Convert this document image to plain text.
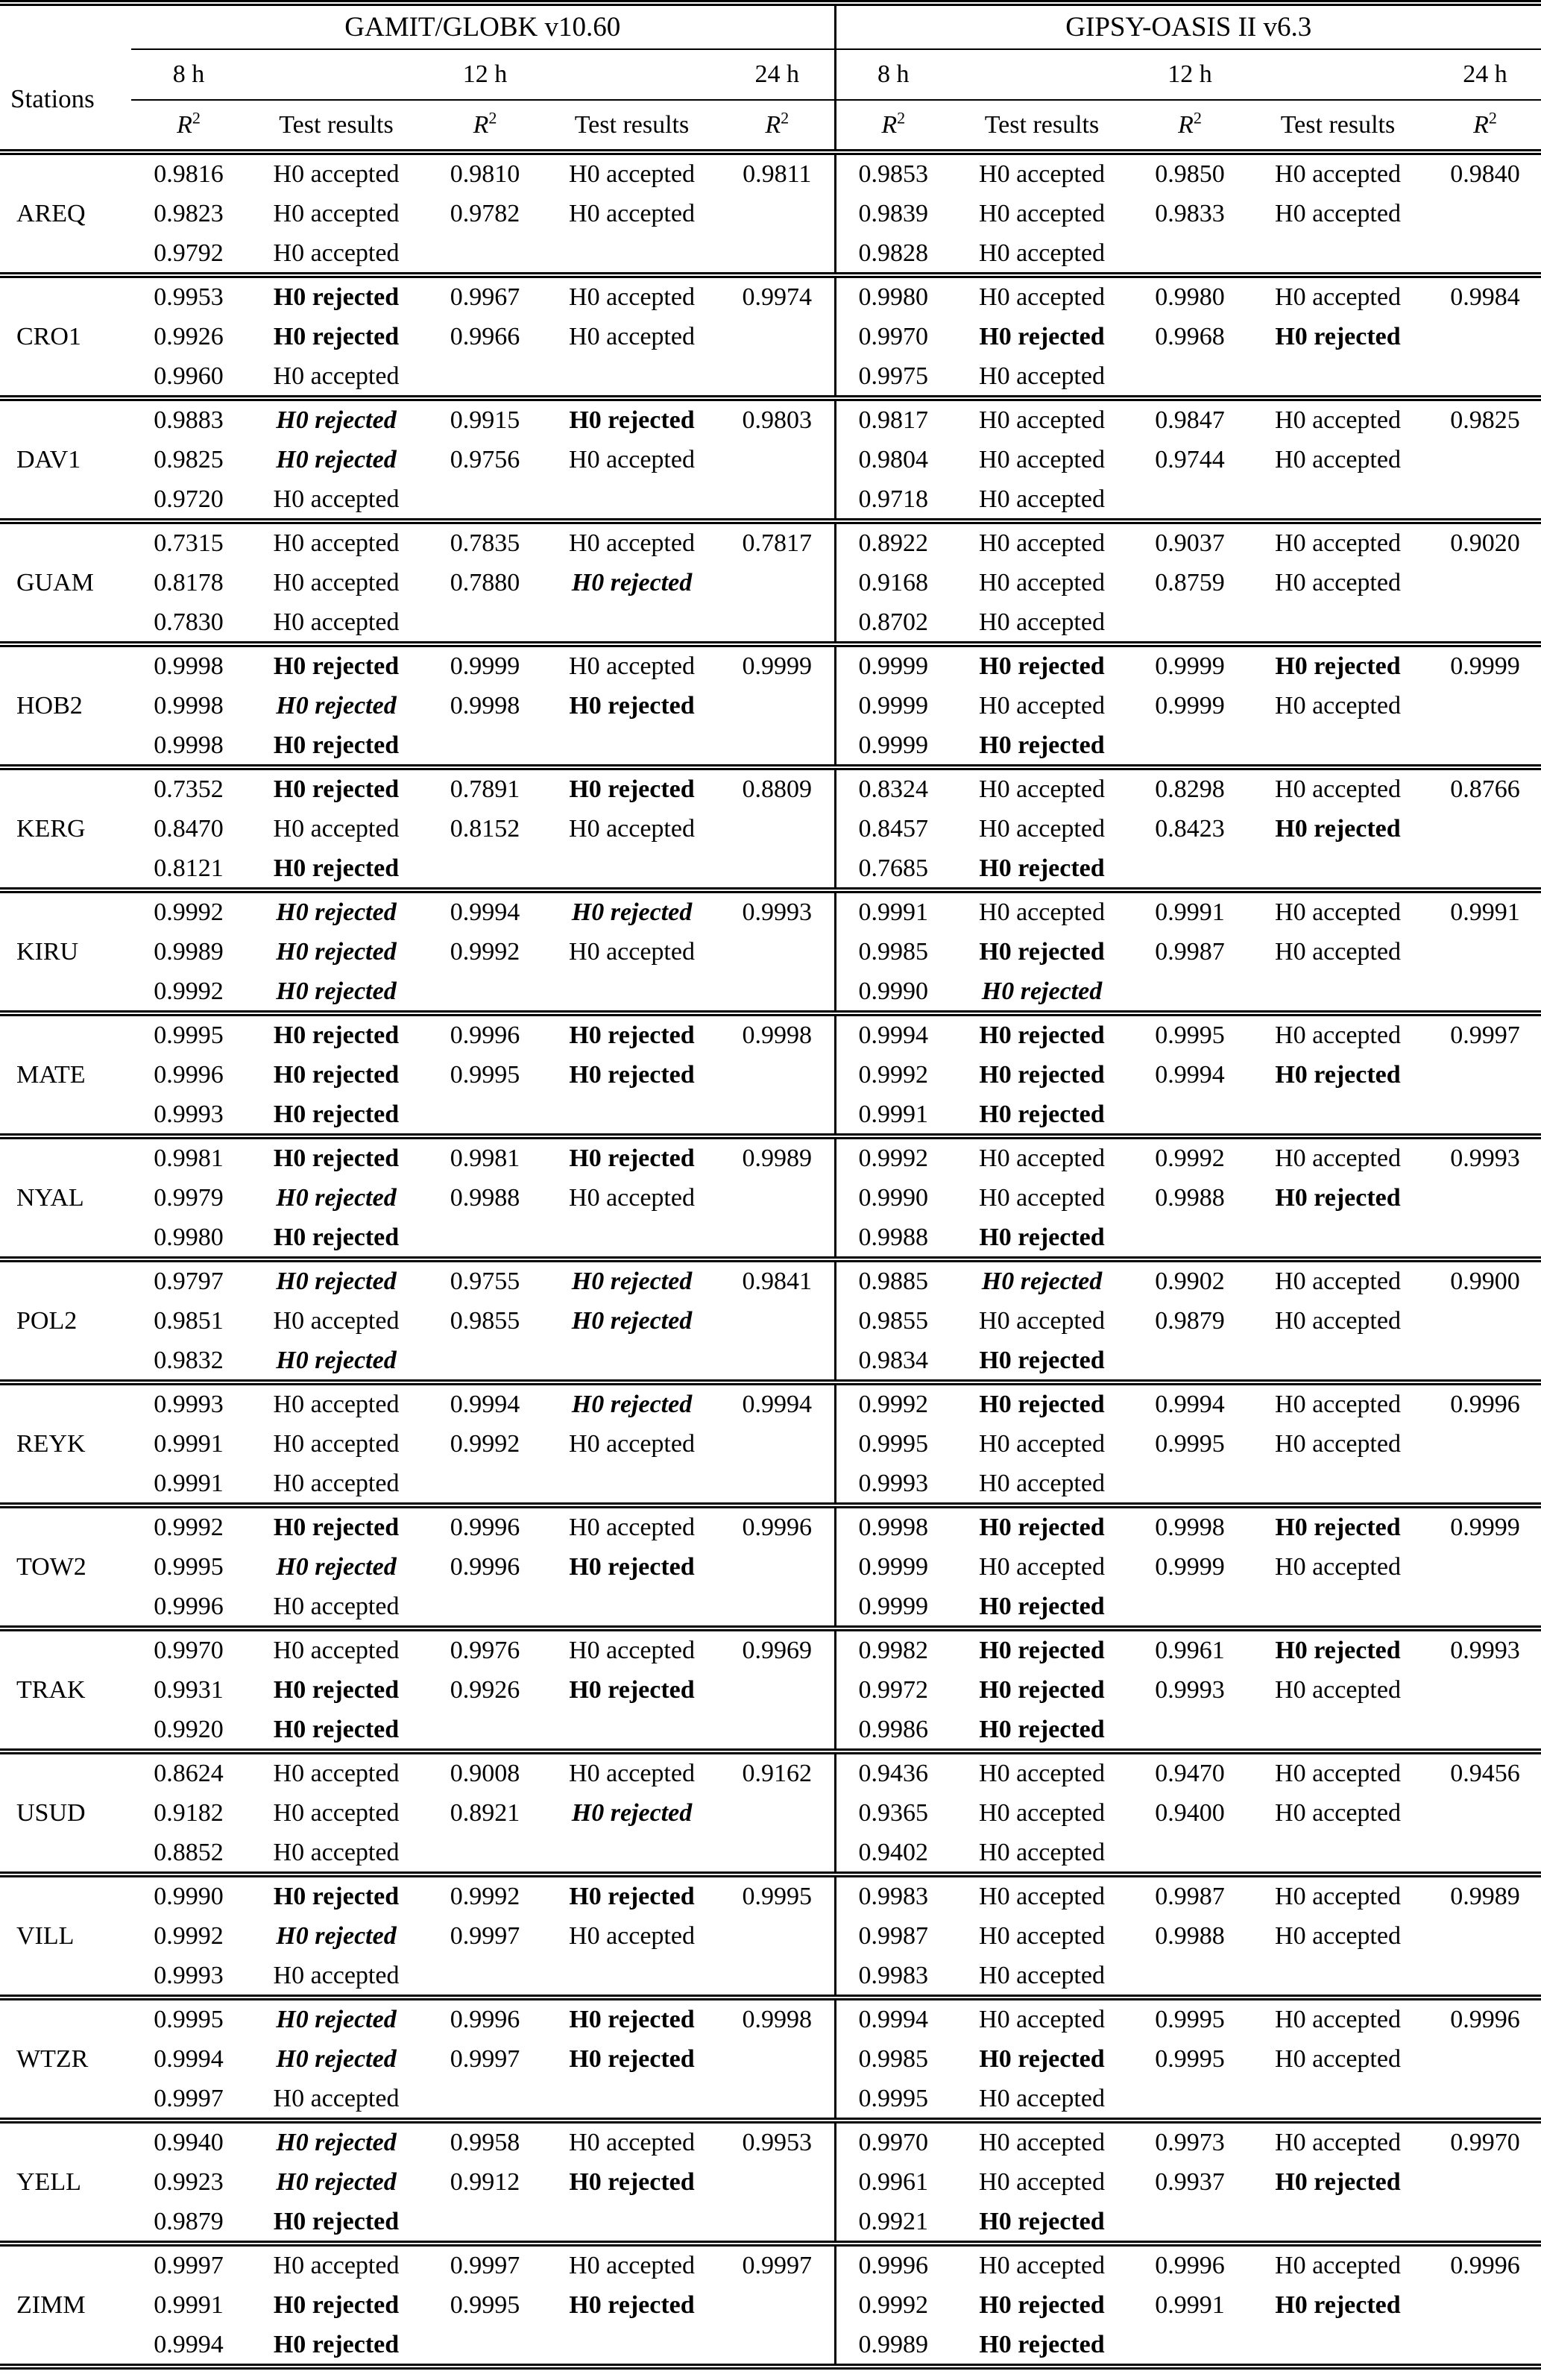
	GAMIT/GLOBK v10.60					GIPSY-OASIS II v6.3				
Stations	8 h		12 h		24 h	8 h		12 h		24 h
	$R^2$	Test results	$R^2$	Test results	$R^2$	$R^2$	Test results	$R^2$	Test results	$R^2$
AREQ	0.9816	H0 accepted	0.9810	H0 accepted	0.9811	0.9853	H0 accepted	0.9850	H0 accepted	0.9840
	0.9823	H0 accepted	0.9782	H0 accepted		0.9839	H0 accepted	0.9833	H0 accepted	
	0.9792	H0 accepted				0.9828	H0 accepted			
CRO1	0.9953	H0 rejected	0.9967	H0 accepted	0.9974	0.9980	H0 accepted	0.9980	H0 accepted	0.9984
	0.9926	H0 rejected	0.9966	H0 accepted		0.9970	H0 rejected	0.9968	H0 rejected	
	0.9960	H0 accepted				0.9975	H0 accepted			
DAV1	0.9883	H0 rejected	0.9915	H0 rejected	0.9803	0.9817	H0 accepted	0.9847	H0 accepted	0.9825
	0.9825	H0 rejected	0.9756	H0 accepted		0.9804	H0 accepted	0.9744	H0 accepted	
	0.9720	H0 accepted				0.9718	H0 accepted			
GUAM	0.7315	H0 accepted	0.7835	H0 accepted	0.7817	0.8922	H0 accepted	0.9037	H0 accepted	0.9020
	0.8178	H0 accepted	0.7880	H0 rejected		0.9168	H0 accepted	0.8759	H0 accepted	
	0.7830	H0 accepted				0.8702	H0 accepted			
HOB2	0.9998	H0 rejected	0.9999	H0 accepted	0.9999	0.9999	H0 rejected	0.9999	H0 rejected	0.9999
	0.9998	H0 rejected	0.9998	H0 rejected		0.9999	H0 accepted	0.9999	H0 accepted	
	0.9998	H0 rejected				0.9999	H0 rejected			
KERG	0.7352	H0 rejected	0.7891	H0 rejected	0.8809	0.8324	H0 accepted	0.8298	H0 accepted	0.8766
	0.8470	H0 accepted	0.8152	H0 accepted		0.8457	H0 accepted	0.8423	H0 rejected	
	0.8121	H0 rejected				0.7685	H0 rejected			
KIRU	0.9992	H0 rejected	0.9994	H0 rejected	0.9993	0.9991	H0 accepted	0.9991	H0 accepted	0.9991
	0.9989	H0 rejected	0.9992	H0 accepted		0.9985	H0 rejected	0.9987	H0 accepted	
	0.9992	H0 rejected				0.9990	H0 rejected			
MATE	0.9995	H0 rejected	0.9996	H0 rejected	0.9998	0.9994	H0 rejected	0.9995	H0 accepted	0.9997
	0.9996	H0 rejected	0.9995	H0 rejected		0.9992	H0 rejected	0.9994	H0 rejected	
	0.9993	H0 rejected				0.9991	H0 rejected			
NYAL	0.9981	H0 rejected	0.9981	H0 rejected	0.9989	0.9992	H0 accepted	0.9992	H0 accepted	0.9993
	0.9979	H0 rejected	0.9988	H0 accepted		0.9990	H0 accepted	0.9988	H0 rejected	
	0.9980	H0 rejected				0.9988	H0 rejected			
POL2	0.9797	H0 rejected	0.9755	H0 rejected	0.9841	0.9885	H0 rejected	0.9902	H0 accepted	0.9900
	0.9851	H0 accepted	0.9855	H0 rejected		0.9855	H0 accepted	0.9879	H0 accepted	
	0.9832	H0 rejected				0.9834	H0 rejected			
REYK	0.9993	H0 accepted	0.9994	H0 rejected	0.9994	0.9992	H0 rejected	0.9994	H0 accepted	0.9996
	0.9991	H0 accepted	0.9992	H0 accepted		0.9995	H0 accepted	0.9995	H0 accepted	
	0.9991	H0 accepted				0.9993	H0 accepted			
TOW2	0.9992	H0 rejected	0.9996	H0 accepted	0.9996	0.9998	H0 rejected	0.9998	H0 rejected	0.9999
	0.9995	H0 rejected	0.9996	H0 rejected		0.9999	H0 accepted	0.9999	H0 accepted	
	0.9996	H0 accepted				0.9999	H0 rejected			
TRAK	0.9970	H0 accepted	0.9976	H0 accepted	0.9969	0.9982	H0 rejected	0.9961	H0 rejected	0.9993
	0.9931	H0 rejected	0.9926	H0 rejected		0.9972	H0 rejected	0.9993	H0 accepted	
	0.9920	H0 rejected				0.9986	H0 rejected			
USUD	0.8624	H0 accepted	0.9008	H0 accepted	0.9162	0.9436	H0 accepted	0.9470	H0 accepted	0.9456
	0.9182	H0 accepted	0.8921	H0 rejected		0.9365	H0 accepted	0.9400	H0 accepted	
	0.8852	H0 accepted				0.9402	H0 accepted			
VILL	0.9990	H0 rejected	0.9992	H0 rejected	0.9995	0.9983	H0 accepted	0.9987	H0 accepted	0.9989
	0.9992	H0 rejected	0.9997	H0 accepted		0.9987	H0 accepted	0.9988	H0 accepted	
	0.9993	H0 accepted				0.9983	H0 accepted			
WTZR	0.9995	H0 rejected	0.9996	H0 rejected	0.9998	0.9994	H0 accepted	0.9995	H0 accepted	0.9996
	0.9994	H0 rejected	0.9997	H0 rejected		0.9985	H0 rejected	0.9995	H0 accepted	
	0.9997	H0 accepted				0.9995	H0 accepted			
YELL	0.9940	H0 rejected	0.9958	H0 accepted	0.9953	0.9970	H0 accepted	0.9973	H0 accepted	0.9970
	0.9923	H0 rejected	0.9912	H0 rejected		0.9961	H0 accepted	0.9937	H0 rejected	
	0.9879	H0 rejected				0.9921	H0 rejected			
ZIMM	0.9997	H0 accepted	0.9997	H0 accepted	0.9997	0.9996	H0 accepted	0.9996	H0 accepted	0.9996
	0.9991	H0 rejected	0.9995	H0 rejected		0.9992	H0 rejected	0.9991	H0 rejected	
	0.9994	H0 rejected				0.9989	H0 rejected			
